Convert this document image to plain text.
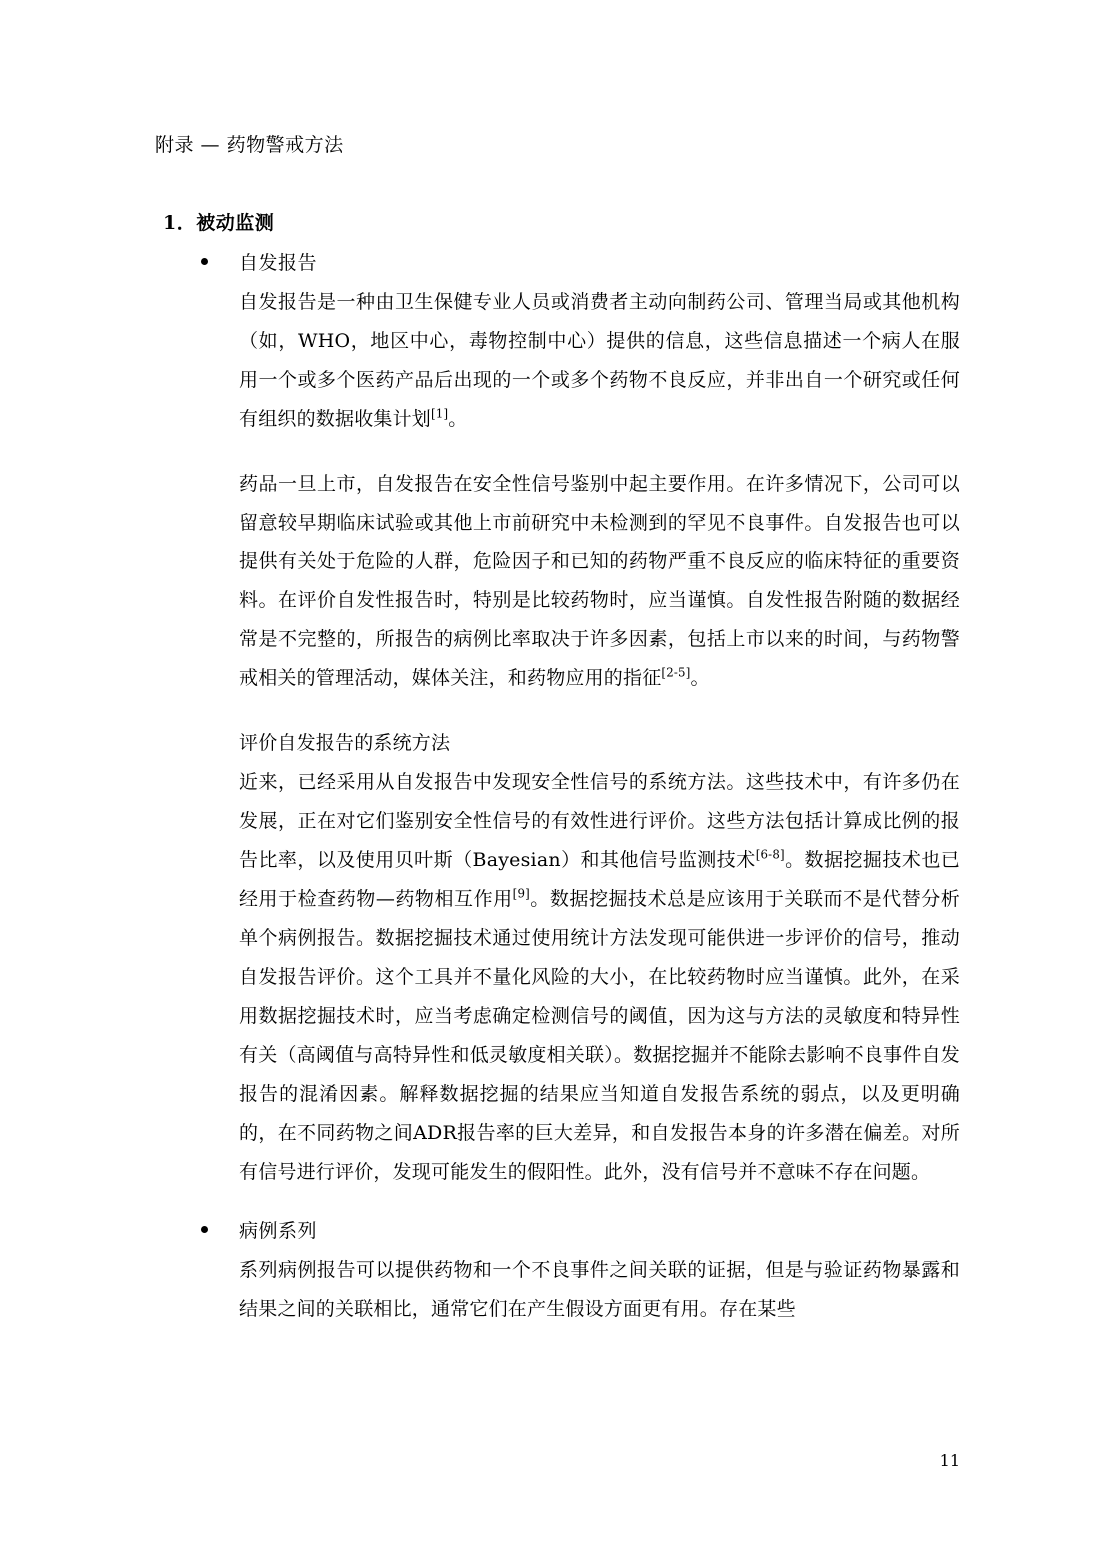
附录 — 药物警戒方法
1．被动监测
自发报告

自发报告是一种由卫生保健专业人员或消费者主动向制药公司、管理当局或其他机构（如，WHO，地区中心，毒物控制中心）提供的信息，这些信息描述一个病人在服用一个或多个医药产品后出现的一个或多个药物不良反应，并非出自一个研究或任何有组织的数据收集计划[1]。

药品一旦上市，自发报告在安全性信号鉴别中起主要作用。在许多情况下，公司可以留意较早期临床试验或其他上市前研究中未检测到的罕见不良事件。自发报告也可以提供有关处于危险的人群，危险因子和已知的药物严重不良反应的临床特征的重要资料。在评价自发性报告时，特别是比较药物时，应当谨慎。自发性报告附随的数据经常是不完整的，所报告的病例比率取决于许多因素，包括上市以来的时间，与药物警戒相关的管理活动，媒体关注，和药物应用的指征[2-5]。

评价自发报告的系统方法

近来，已经采用从自发报告中发现安全性信号的系统方法。这些技术中，有许多仍在发展，正在对它们鉴别安全性信号的有效性进行评价。这些方法包括计算成比例的报告比率，以及使用贝叶斯（Bayesian）和其他信号监测技术[6-8]。数据挖掘技术也已经用于检查药物—药物相互作用[9]。数据挖掘技术总是应该用于关联而不是代替分析单个病例报告。数据挖掘技术通过使用统计方法发现可能供进一步评价的信号，推动自发报告评价。这个工具并不量化风险的大小，在比较药物时应当谨慎。此外，在采用数据挖掘技术时，应当考虑确定检测信号的阈值，因为这与方法的灵敏度和特异性有关（高阈值与高特异性和低灵敏度相关联）。数据挖掘并不能除去影响不良事件自发报告的混淆因素。解释数据挖掘的结果应当知道自发报告系统的弱点，以及更明确的，在不同药物之间ADR报告率的巨大差异，和自发报告本身的许多潜在偏差。对所有信号进行评价，发现可能发生的假阳性。此外，没有信号并不意味不存在问题。

病例系列

系列病例报告可以提供药物和一个不良事件之间关联的证据，但是与验证药物暴露和结果之间的关联相比，通常它们在产生假设方面更有用。存在某些

11
